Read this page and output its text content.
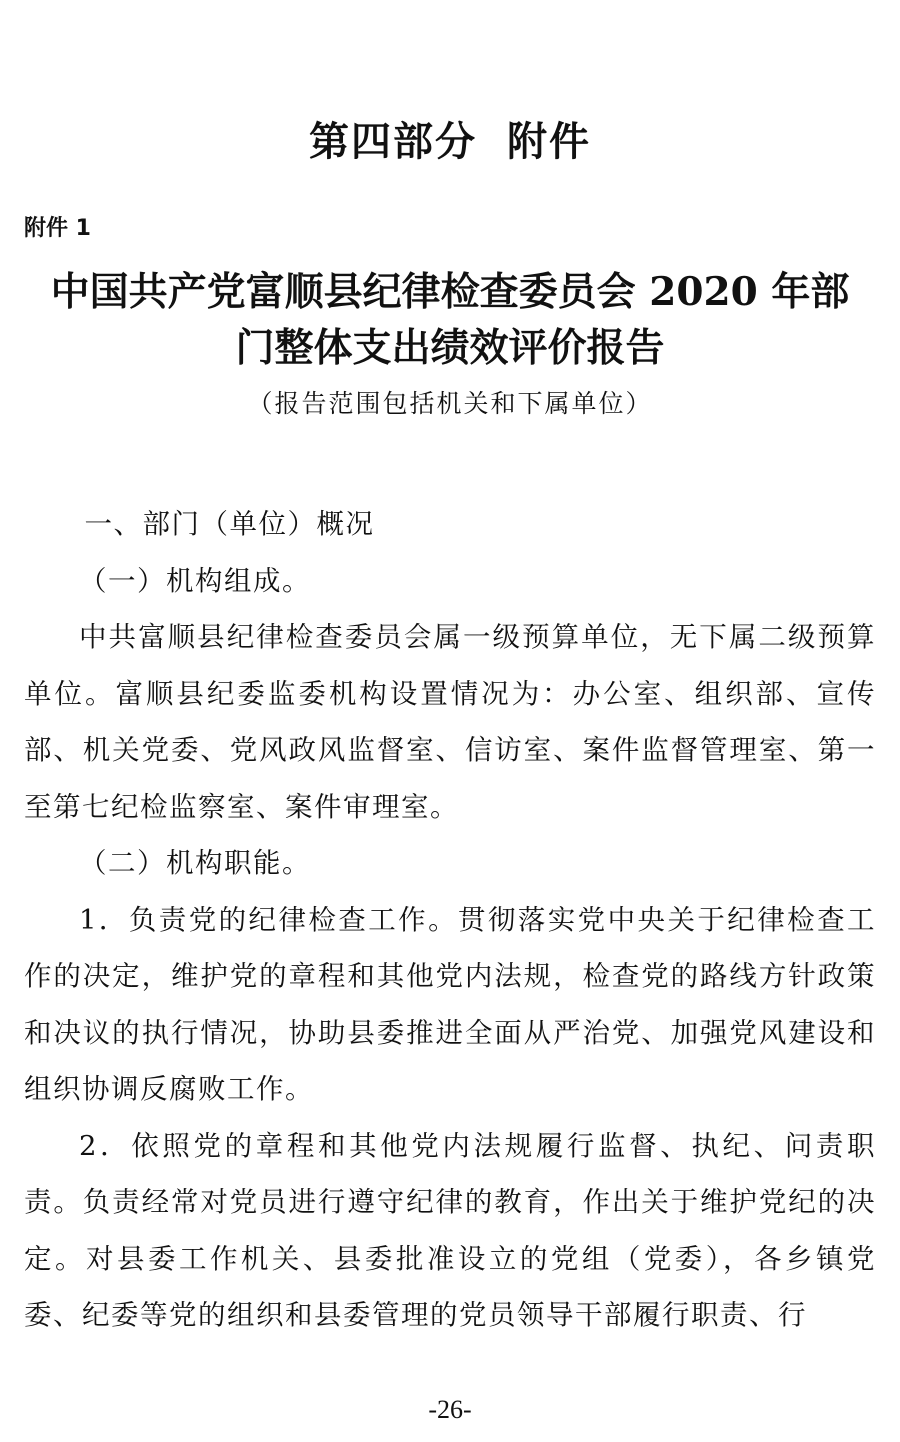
第四部分 附件
附件 1
中国共产党富顺县纪律检查委员会 2020 年部
门整体支出绩效评价报告
（报告范围包括机关和下属单位）

一、部门（单位）概况

（一）机构组成。

中共富顺县纪律检查委员会属一级预算单位，无下属二级预算单位。富顺县纪委监委机构设置情况为：办公室、组织部、宣传部、机关党委、党风政风监督室、信访室、案件监督管理室、第一至第七纪检监察室、案件审理室。

（二）机构职能。

1．负责党的纪律检查工作。贯彻落实党中央关于纪律检查工作的决定，维护党的章程和其他党内法规，检查党的路线方针政策和决议的执行情况，协助县委推进全面从严治党、加强党风建设和组织协调反腐败工作。

2．依照党的章程和其他党内法规履行监督、执纪、问责职责。负责经常对党员进行遵守纪律的教育，作出关于维护党纪的决定。对县委工作机关、县委批准设立的党组（党委），各乡镇党委、纪委等党的组织和县委管理的党员领导干部履行职责、行

-26-
